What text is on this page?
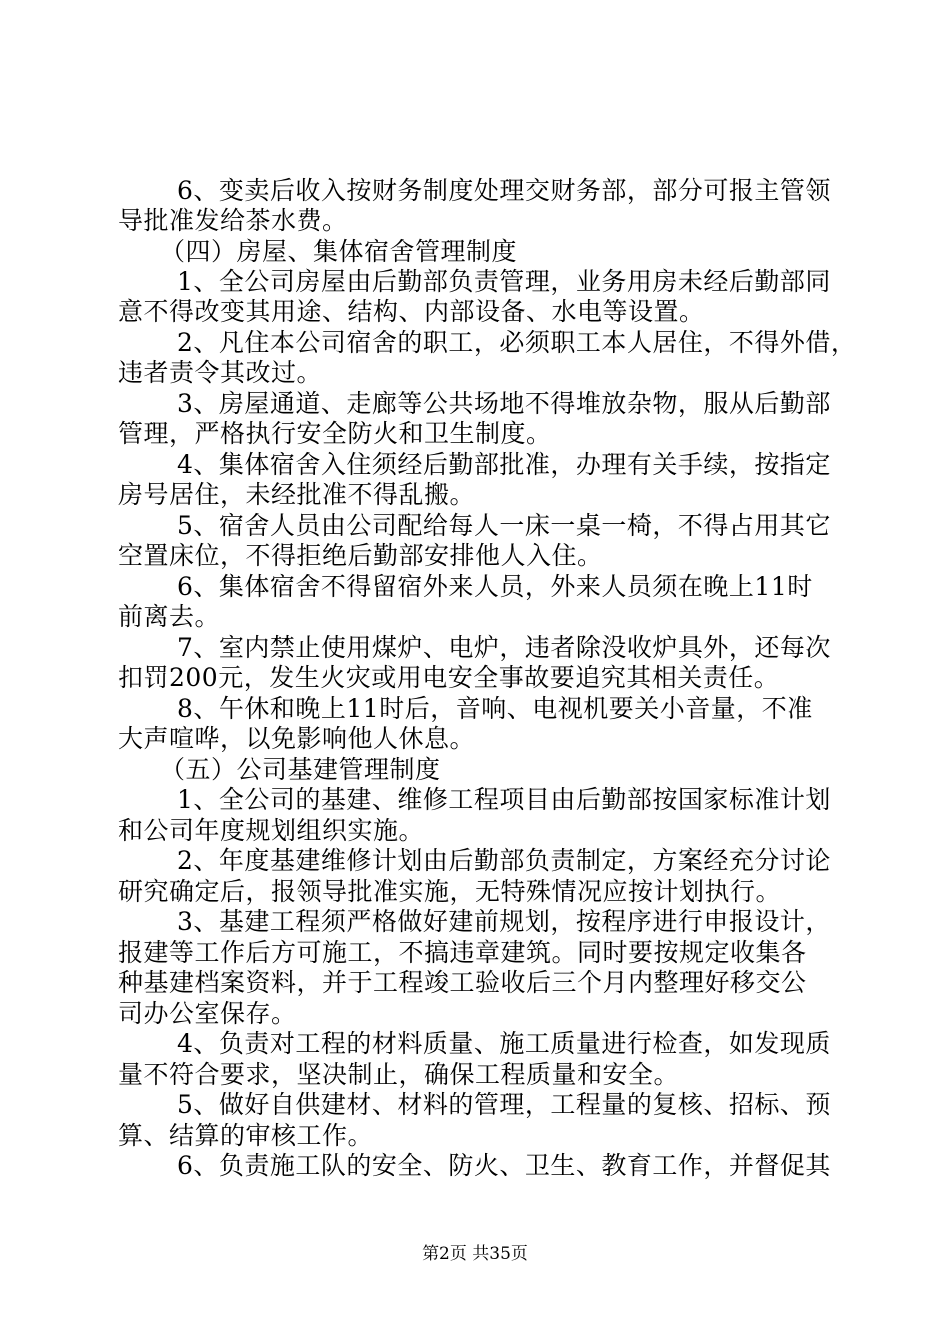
6、变卖后收入按财务制度处理交财务部，部分可报主管领
导批准发给茶水费。
（四）房屋、集体宿舍管理制度
1、全公司房屋由后勤部负责管理，业务用房未经后勤部同
意不得改变其用途、结构、内部设备、水电等设置。
2、凡住本公司宿舍的职工，必须职工本人居住，不得外借，
违者责令其改过。
3、房屋通道、走廊等公共场地不得堆放杂物，服从后勤部
管理，严格执行安全防火和卫生制度。
4、集体宿舍入住须经后勤部批准，办理有关手续，按指定
房号居住，未经批准不得乱搬。
5、宿舍人员由公司配给每人一床一桌一椅，不得占用其它
空置床位，不得拒绝后勤部安排他人入住。
6、集体宿舍不得留宿外来人员，外来人员须在晚上11时
前离去。
7、室内禁止使用煤炉、电炉，违者除没收炉具外，还每次
扣罚200元，发生火灾或用电安全事故要追究其相关责任。
8、午休和晚上11时后，音响、电视机要关小音量，不准
大声喧哗，以免影响他人休息。
（五）公司基建管理制度
1、全公司的基建、维修工程项目由后勤部按国家标准计划
和公司年度规划组织实施。
2、年度基建维修计划由后勤部负责制定，方案经充分讨论
研究确定后，报领导批准实施，无特殊情况应按计划执行。
3、基建工程须严格做好建前规划，按程序进行申报设计，
报建等工作后方可施工，不搞违章建筑。同时要按规定收集各
种基建档案资料，并于工程竣工验收后三个月内整理好移交公
司办公室保存。
4、负责对工程的材料质量、施工质量进行检查，如发现质
量不符合要求，坚决制止，确保工程质量和安全。
5、做好自供建材、材料的管理，工程量的复核、招标、预
算、结算的审核工作。
6、负责施工队的安全、防火、卫生、教育工作，并督促其
第2页 共35页
